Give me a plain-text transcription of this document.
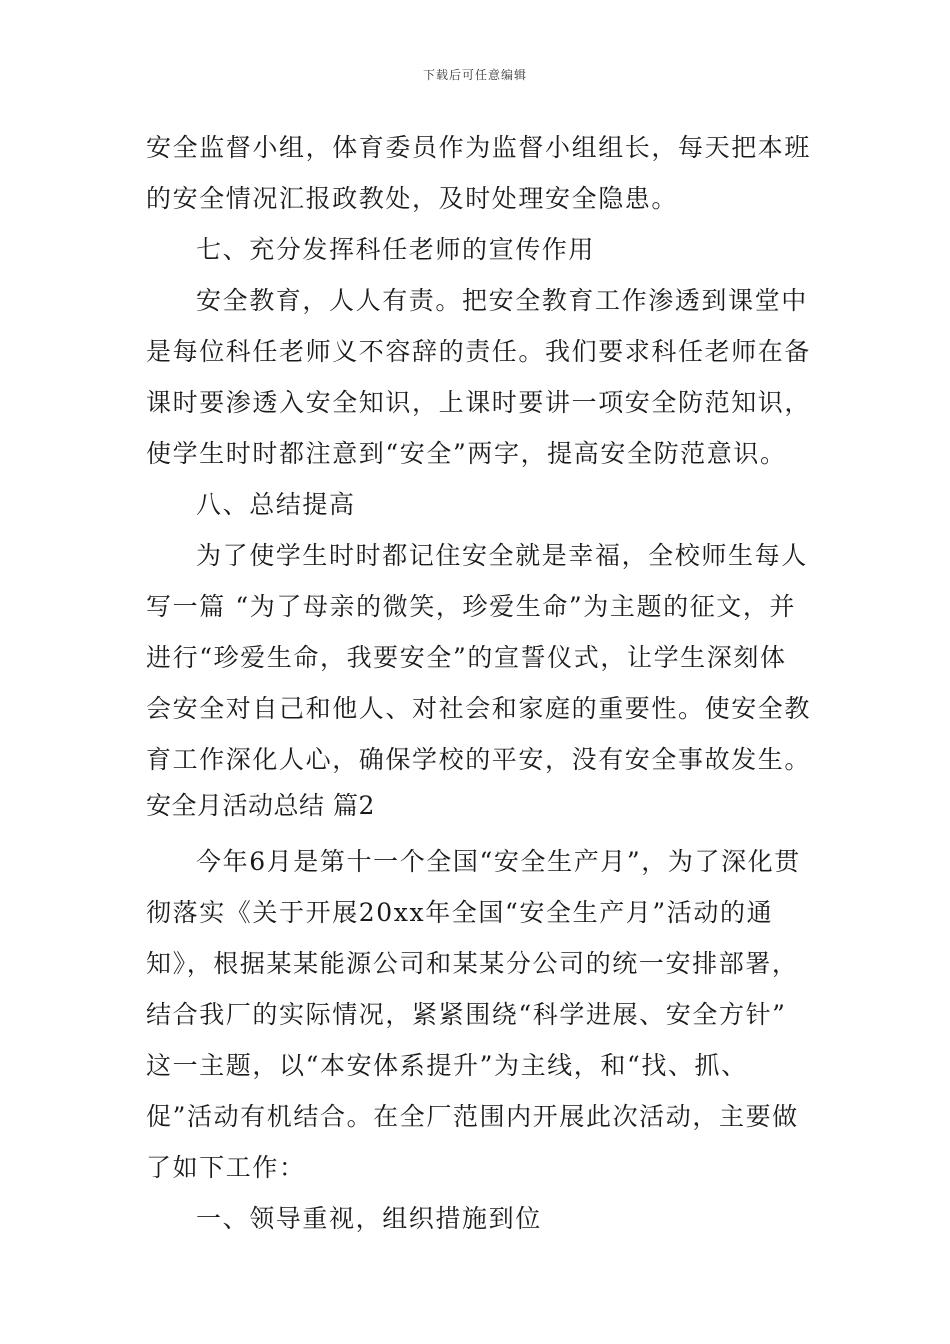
下载后可任意编辑
安全监督小组，体育委员作为监督小组组长，每天把本班
的安全情况汇报政教处，及时处理安全隐患。
七、充分发挥科任老师的宣传作用
安全教育，人人有责。把安全教育工作渗透到课堂中
是每位科任老师义不容辞的责任。我们要求科任老师在备
课时要渗透入安全知识，上课时要讲一项安全防范知识，
使学生时时都注意到“安全”两字，提高安全防范意识。
八、总结提高
为了使学生时时都记住安全就是幸福，全校师生每人
写一篇 “为了母亲的微笑，珍爱生命”为主题的征文，并
进行“珍爱生命，我要安全”的宣誓仪式，让学生深刻体
会安全对自己和他人、对社会和家庭的重要性。使安全教
育工作深化人心，确保学校的平安，没有安全事故发生。
安全月活动总结 篇2
今年6月是第十一个全国“安全生产月”，为了深化贯
彻落实《关于开展20xx年全国“安全生产月”活动的通
知》，根据某某能源公司和某某分公司的统一安排部署，
结合我厂的实际情况，紧紧围绕“科学进展、安全方针”
这一主题，以“本安体系提升”为主线，和“找、抓、
促”活动有机结合。在全厂范围内开展此次活动，主要做
了如下工作：
一、领导重视，组织措施到位
